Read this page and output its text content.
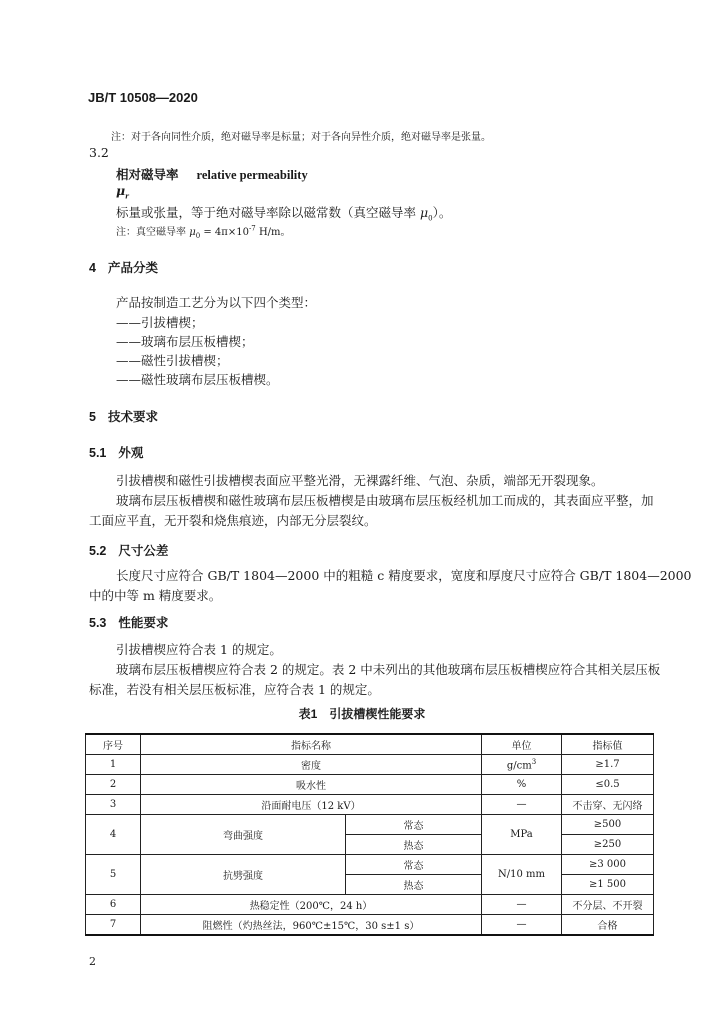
JB/T 10508—2020
注：对于各向同性介质，绝对磁导率是标量；对于各向异性介质，绝对磁导率是张量。
3.2
相对磁导率 relative permeability
$\mu_r$
标量或张量，等于绝对磁导率除以磁常数（真空磁导率 $\mu_0$）。
注：真空磁导率 $\mu_0 = 4\pi\times 10^{-7}$ H/m。
4 产品分类
产品按制造工艺分为以下四个类型：
——引拔槽楔；
——玻璃布层压板槽楔；
——磁性引拔槽楔；
——磁性玻璃布层压板槽楔。
5 技术要求
5.1 外观
引拔槽楔和磁性引拔槽楔表面应平整光滑，无裸露纤维、气泡、杂质，端部无开裂现象。
玻璃布层压板槽楔和磁性玻璃布层压板槽楔是由玻璃布层压板经机加工而成的，其表面应平整，加
工面应平直，无开裂和烧焦痕迹，内部无分层裂纹。
5.2 尺寸公差
长度尺寸应符合 GB/T 1804—2000 中的粗糙 c 精度要求，宽度和厚度尺寸应符合 GB/T 1804—2000
中的中等 m 精度要求。
5.3 性能要求
引拔槽楔应符合表 1 的规定。
玻璃布层压板槽楔应符合表 2 的规定。表 2 中未列出的其他玻璃布层压板槽楔应符合其相关层压板
标准，若没有相关层压板标准，应符合表 1 的规定。
表1　引拔槽楔性能要求
序号	指标名称		单位	指标值
1	密度		$g/cm^3$	≥1.7
2	吸水性		%	≤0.5
3	沿面耐电压（12 kV）		—	不击穿、无闪络
4	弯曲强度	常态	MPa	≥500
		热态		≥250
5	抗劈强度	常态	N/10 mm	≥3 000
		热态		≥1 500
6	热稳定性（200℃，24 h）		—	不分层、不开裂
7	阻燃性（灼热丝法，960℃±15℃，30 s±1 s）		—	合格
2
